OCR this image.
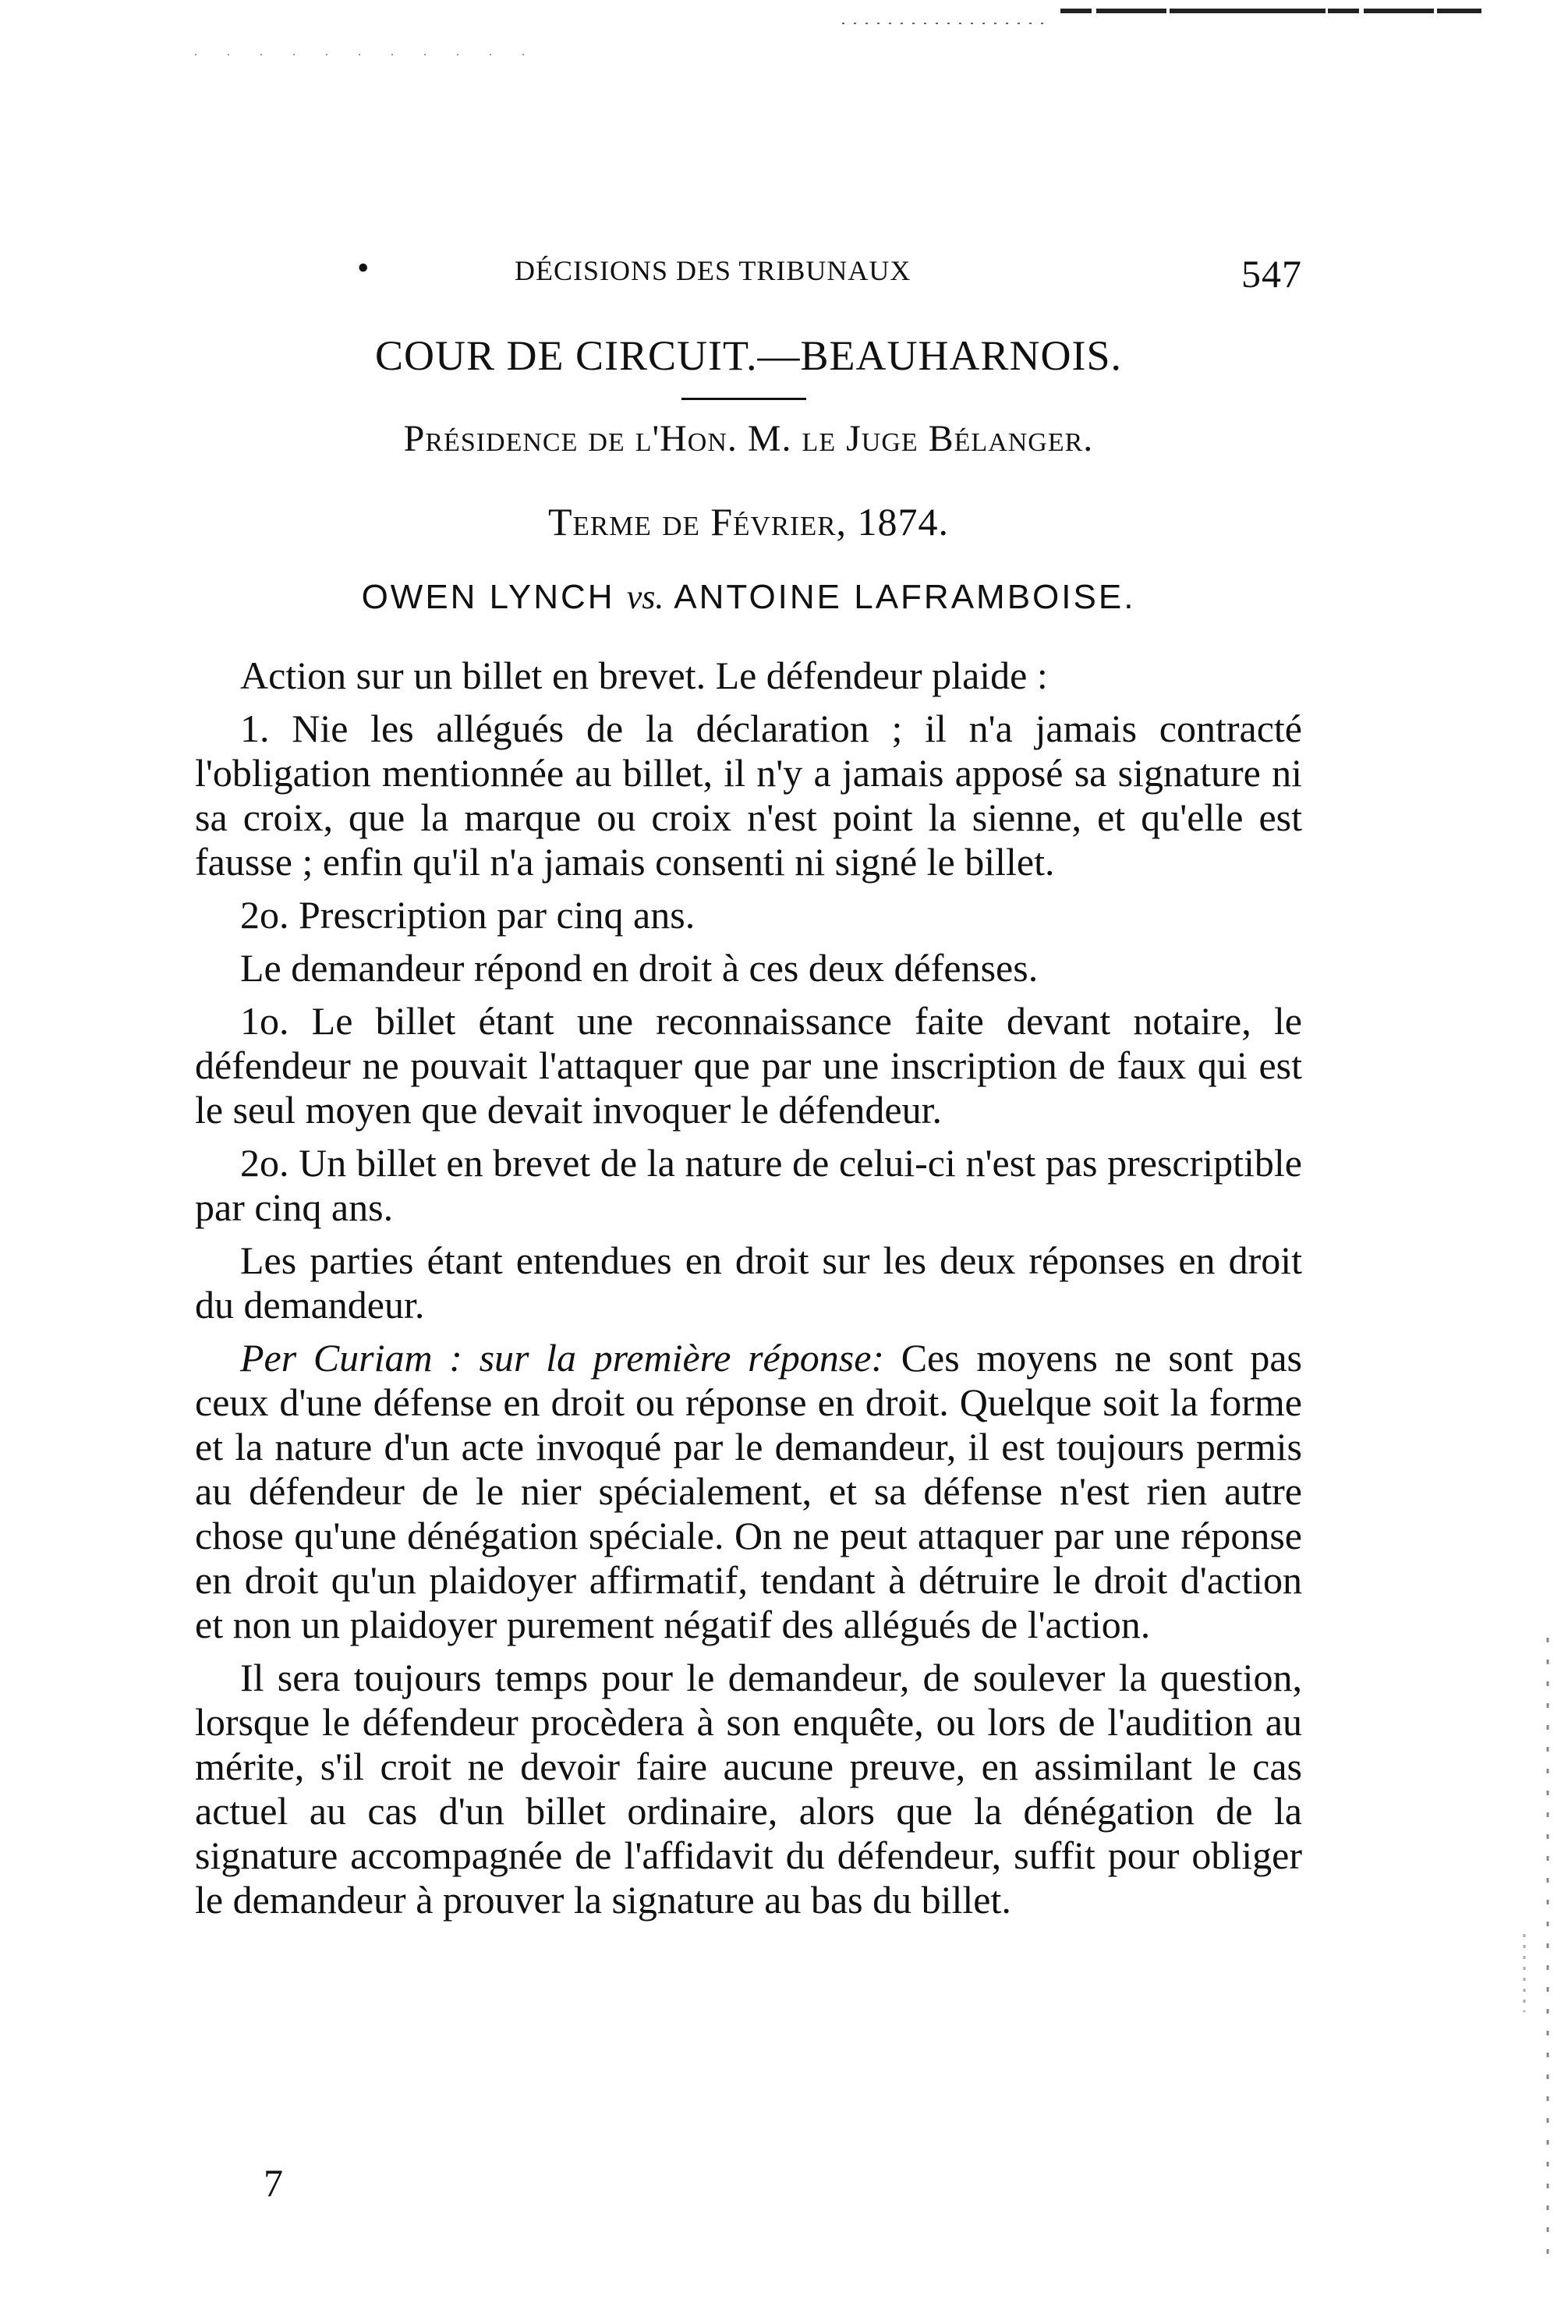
•	DÉCISIONS DES TRIBUNAUX	547
COUR DE CIRCUIT.—BEAUHARNOIS.
Présidence de l'Hon. M. le Juge Bélanger.
Terme de Février, 1874.
OWEN LYNCH vs. ANTOINE LAFRAMBOISE.

Action sur un billet en brevet. Le défendeur plaide :

1. Nie les allégués de la déclaration ; il n'a jamais contracté l'obligation mentionnée au billet, il n'y a jamais apposé sa signature ni sa croix, que la marque ou croix n'est point la sienne, et qu'elle est fausse ; enfin qu'il n'a jamais consenti ni signé le billet.

2o. Prescription par cinq ans.

Le demandeur répond en droit à ces deux défenses.

1o. Le billet étant une reconnaissance faite devant notaire, le défendeur ne pouvait l'attaquer que par une inscription de faux qui est le seul moyen que devait invoquer le défendeur.

2o. Un billet en brevet de la nature de celui-ci n'est pas prescriptible par cinq ans.

Les parties étant entendues en droit sur les deux réponses en droit du demandeur.

Per Curiam : sur la première réponse: Ces moyens ne sont pas ceux d'une défense en droit ou réponse en droit. Quelque soit la forme et la nature d'un acte invoqué par le demandeur, il est toujours permis au défendeur de le nier spécialement, et sa défense n'est rien autre chose qu'une dénégation spéciale. On ne peut attaquer par une réponse en droit qu'un plaidoyer affirmatif, tendant à détruire le droit d'action et non un plaidoyer purement négatif des allégués de l'action.

Il sera toujours temps pour le demandeur, de soulever la question, lorsque le défendeur procèdera à son enquête, ou lors de l'audition au mérite, s'il croit ne devoir faire aucune preuve, en assimilant le cas actuel au cas d'un billet ordinaire, alors que la dénégation de la signature accompagnée de l'affidavit du défendeur, suffit pour obliger le demandeur à prouver la signature au bas du billet.

7
